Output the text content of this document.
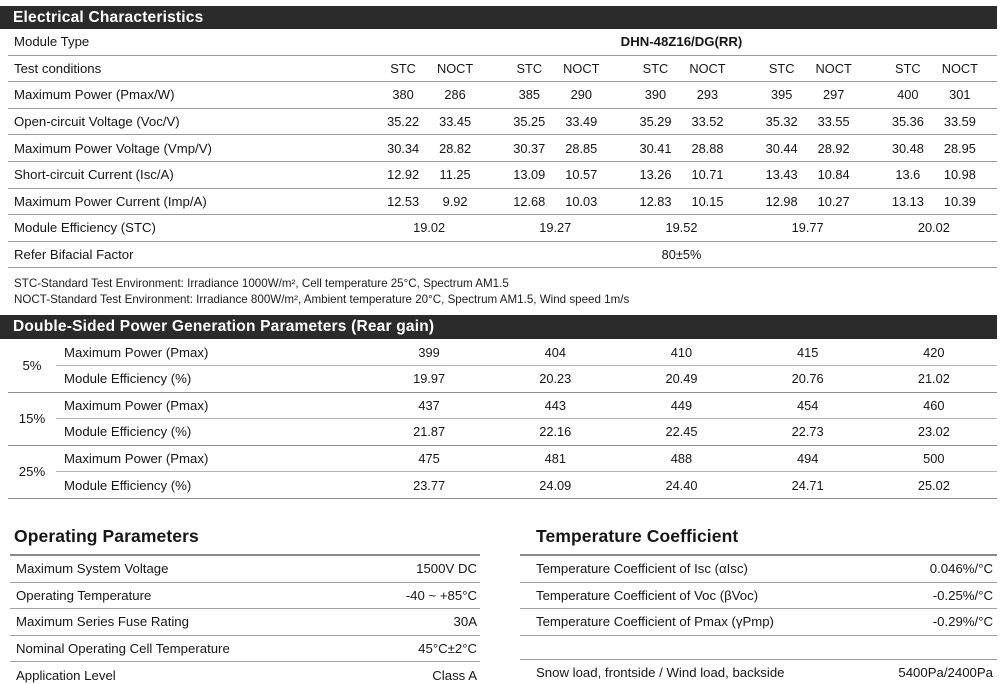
Electrical Characteristics
Module Type	DHN-48Z16/DG(RR)
Test conditions	STC	NOCT	STC	NOCT	STC	NOCT	STC	NOCT	STC	NOCT
Maximum Power (Pmax/W)	380	286	385	290	390	293	395	297	400	301
Open-circuit Voltage (Voc/V)	35.22	33.45	35.25	33.49	35.29	33.52	35.32	33.55	35.36	33.59
Maximum Power Voltage (Vmp/V)	30.34	28.82	30.37	28.85	30.41	28.88	30.44	28.92	30.48	28.95
Short-circuit Current (Isc/A)	12.92	11.25	13.09	10.57	13.26	10.71	13.43	10.84	13.6	10.98
Maximum Power Current (Imp/A)	12.53	9.92	12.68	10.03	12.83	10.15	12.98	10.27	13.13	10.39
Module Efficiency (STC)	19.02	19.27	19.52	19.77	20.02
Refer Bifacial Factor	80±5%
STC-Standard Test Environment: Irradiance 1000W/m², Cell temperature 25°C, Spectrum AM1.5
NOCT-Standard Test Environment: Irradiance 800W/m², Ambient temperature 20°C, Spectrum AM1.5, Wind speed 1m/s
Double-Sided Power Generation Parameters (Rear gain)
5%
Maximum Power (Pmax)	399	404	410	415	420
Module Efficiency (%)	19.97	20.23	20.49	20.76	21.02
15%
Maximum Power (Pmax)	437	443	449	454	460
Module Efficiency (%)	21.87	22.16	22.45	22.73	23.02
25%
Maximum Power (Pmax)	475	481	488	494	500
Module Efficiency (%)	23.77	24.09	24.40	24.71	25.02
Operating Parameters
Maximum System Voltage	1500V DC
Operating Temperature	-40 ~ +85°C
Maximum Series Fuse Rating	30A
Nominal Operating Cell Temperature	45°C±2°C
Application Level	Class A
Temperature Coefficient
Temperature Coefficient of Isc (αIsc)	0.046%/°C
Temperature Coefficient of Voc (βVoc)	-0.25%/°C
Temperature Coefficient of Pmax (γPmp)	-0.29%/°C
Snow load, frontside / Wind load, backside	5400Pa/2400Pa
